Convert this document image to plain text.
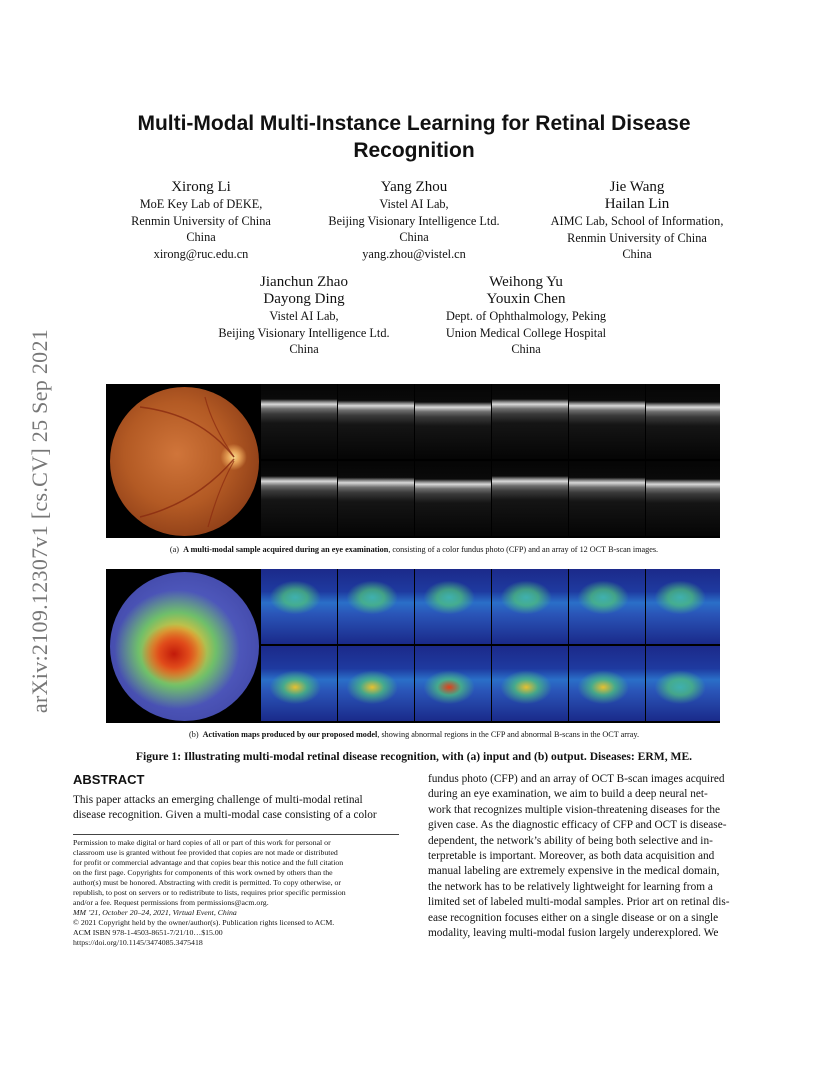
arXiv:2109.12307v1 [cs.CV] 25 Sep 2021
Multi-Modal Multi-Instance Learning for Retinal Disease
Recognition
Xirong Li
MoE Key Lab of DEKE,
Renmin University of China
China
xirong@ruc.edu.cn
Yang Zhou
Vistel AI Lab,
Beijing Visionary Intelligence Ltd.
China
yang.zhou@vistel.cn
Jie Wang
Hailan Lin
AIMC Lab, School of Information,
Renmin University of China
China
Jianchun Zhao
Dayong Ding
Vistel AI Lab,
Beijing Visionary Intelligence Ltd.
China
Weihong Yu
Youxin Chen
Dept. of Ophthalmology, Peking
Union Medical College Hospital
China
(a) A multi-modal sample acquired during an eye examination, consisting of a color fundus photo (CFP) and an array of 12 OCT B-scan images.
(b) Activation maps produced by our proposed model, showing abnormal regions in the CFP and abnormal B-scans in the OCT array.
Figure 1: Illustrating multi-modal retinal disease recognition, with (a) input and (b) output. Diseases: ERM, ME.
ABSTRACT
This paper attacks an emerging challenge of multi-modal retinal
disease recognition. Given a multi-modal case consisting of a color
fundus photo (CFP) and an array of OCT B-scan images acquired
during an eye examination, we aim to build a deep neural net-
work that recognizes multiple vision-threatening diseases for the
given case. As the diagnostic efficacy of CFP and OCT is disease-
dependent, the network’s ability of being both selective and in-
terpretable is important. Moreover, as both data acquisition and
manual labeling are extremely expensive in the medical domain,
the network has to be relatively lightweight for learning from a
limited set of labeled multi-modal samples. Prior art on retinal dis-
ease recognition focuses either on a single disease or on a single
modality, leaving multi-modal fusion largely underexplored. We
Permission to make digital or hard copies of all or part of this work for personal or
classroom use is granted without fee provided that copies are not made or distributed
for profit or commercial advantage and that copies bear this notice and the full citation
on the first page. Copyrights for components of this work owned by others than the
author(s) must be honored. Abstracting with credit is permitted. To copy otherwise, or
republish, to post on servers or to redistribute to lists, requires prior specific permission
and/or a fee. Request permissions from permissions@acm.org.
MM ’21, October 20–24, 2021, Virtual Event, China
© 2021 Copyright held by the owner/author(s). Publication rights licensed to ACM.
ACM ISBN 978-1-4503-8651-7/21/10…$15.00
https://doi.org/10.1145/3474085.3475418
